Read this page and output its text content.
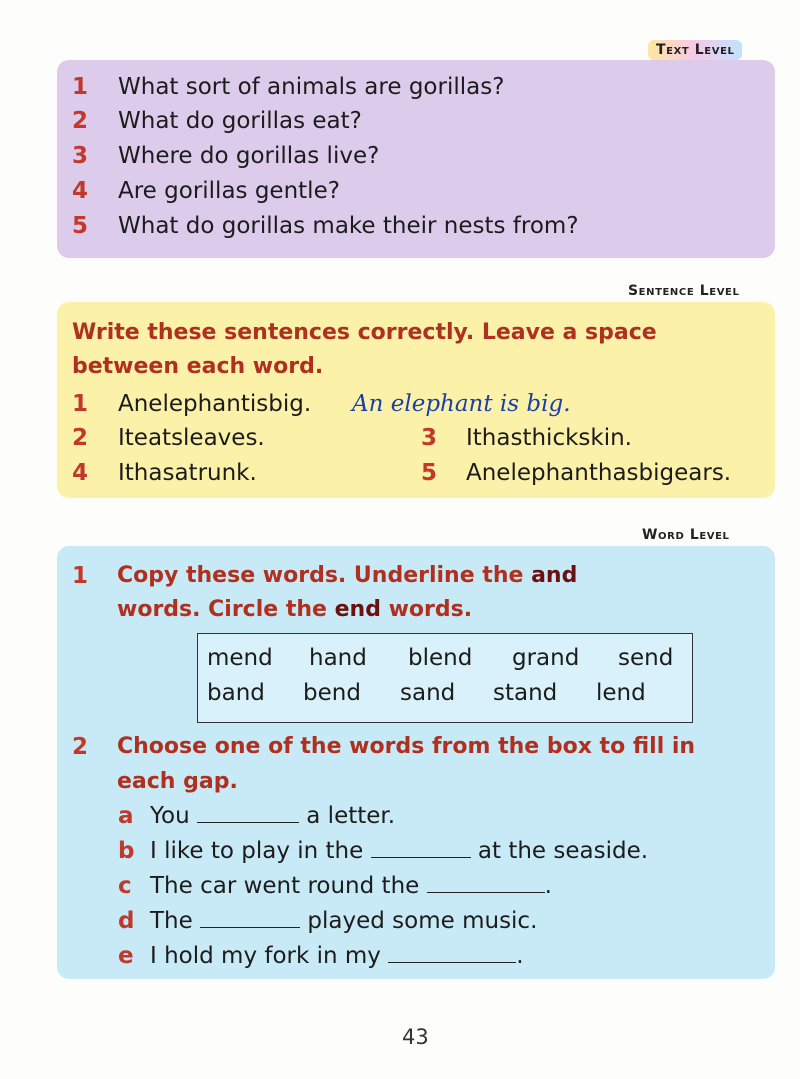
Text Level
1 What sort of animals are gorillas?
2 What do gorillas eat?
3 Where do gorillas live?
4 Are gorillas gentle?
5 What do gorillas make their nests from?
Sentence Level
Write these sentences correctly. Leave a space
between each word.
1 Anelephantisbig. An elephant is big.
2 Iteatsleaves.	3 Ithasthickskin.
4 Ithasatrunk.	5 Anelephanthasbigears.
Word Level
1 Copy these words. Underline the and
words. Circle the end words.
mend hand blend grand send
band bend sand stand lend
2 Choose one of the words from the box to fill in
each gap.
a You	a letter.
b I like to play in the	at the seaside.
c The car went round the	.
d The	played some music.
e I hold my fork in my	.
43
